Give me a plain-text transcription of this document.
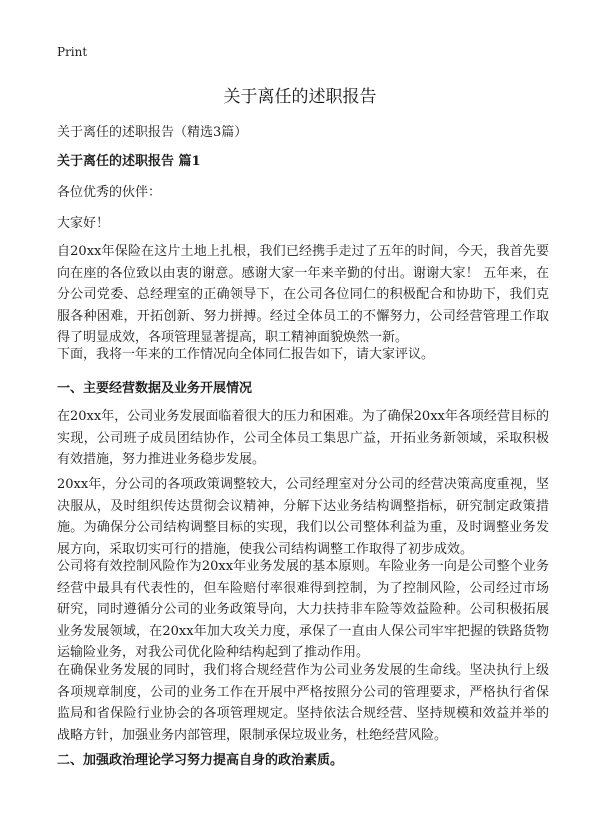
Print
关于离任的述职报告
关于离任的述职报告（精选3篇）
关于离任的述职报告 篇1
各位优秀的伙伴：
大家好！
自20xx年保险在这片土地上扎根，我们已经携手走过了五年的时间，今天，我首先要向在座的各位致以由衷的谢意。感谢大家一年来辛勤的付出。谢谢大家！ 五年来，在分公司党委、总经理室的正确领导下，在公司各位同仁的积极配合和协助下，我们克服各种困难，开拓创新、努力拼搏。经过全体员工的不懈努力，公司经营管理工作取得了明显成效，各项管理显著提高，职工精神面貌焕然一新。
下面，我将一年来的工作情况向全体同仁报告如下，请大家评议。
一、主要经营数据及业务开展情况
在20xx年，公司业务发展面临着很大的压力和困难。为了确保20xx年各项经营目标的实现，公司班子成员团结协作，公司全体员工集思广益，开拓业务新领域，采取积极有效措施，努力推进业务稳步发展。
20xx年，分公司的各项政策调整较大，公司经理室对分公司的经营决策高度重视，坚决服从，及时组织传达贯彻会议精神，分解下达业务结构调整指标，研究制定政策措施。为确保分公司结构调整目标的实现，我们以公司整体利益为重，及时调整业务发展方向，采取切实可行的措施，使我公司结构调整工作取得了初步成效。
公司将有效控制风险作为20xx年业务发展的基本原则。车险业务一向是公司整个业务经营中最具有代表性的，但车险赔付率很难得到控制，为了控制风险，公司经过市场研究，同时遵循分公司的业务政策导向，大力扶持非车险等效益险种。公司积极拓展业务发展领域，在20xx年加大攻关力度，承保了一直由人保公司牢牢把握的铁路货物运输险业务，对我公司优化险种结构起到了推动作用。
在确保业务发展的同时，我们将合规经营作为公司业务发展的生命线。坚决执行上级各项规章制度，公司的业务工作在开展中严格按照分公司的管理要求，严格执行省保监局和省保险行业协会的各项管理规定。坚持依法合规经营、坚持规模和效益并举的战略方针，加强业务内部管理，限制承保垃圾业务，杜绝经营风险。
二、加强政治理论学习努力提高自身的政治素质。
